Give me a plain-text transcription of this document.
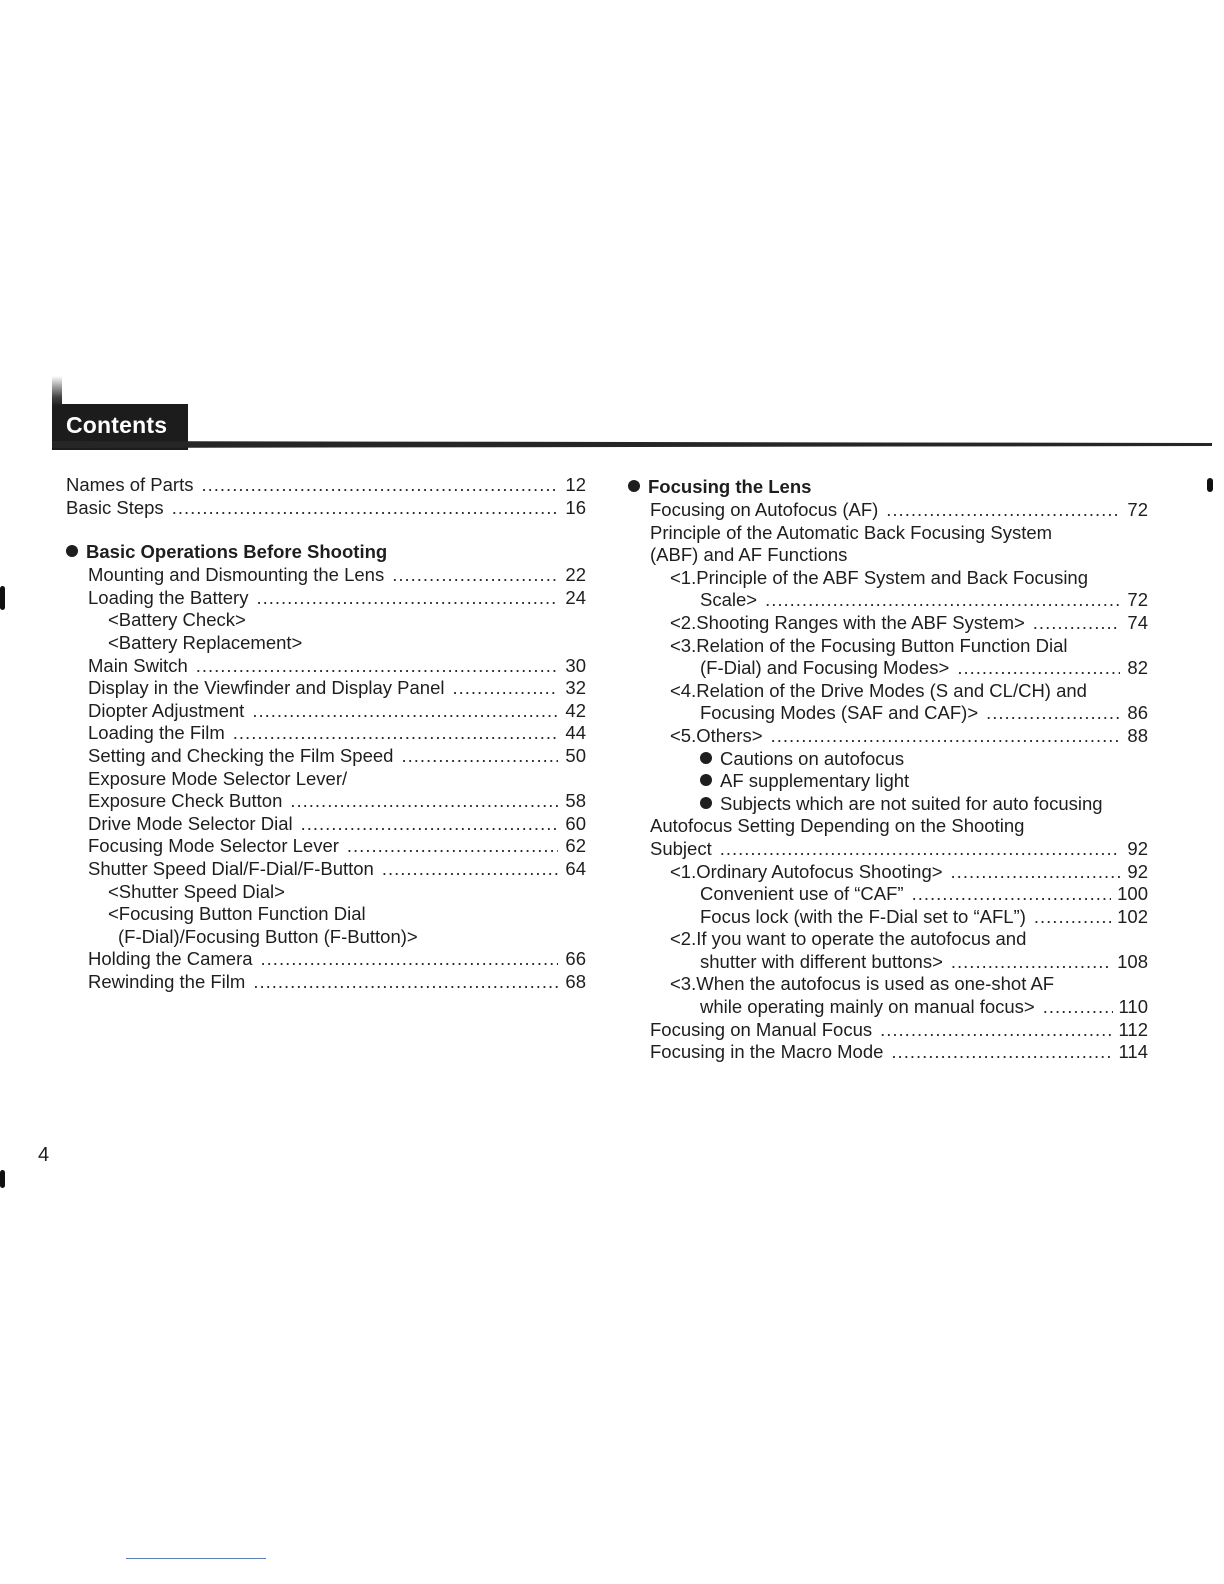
Contents
Names of Parts .....	12
Basic Steps .....	16
Basic Operations Before Shooting
Mounting and Dismounting the Lens .....	22
Loading the Battery .....	24
<Battery Check>
<Battery Replacement>
Main Switch .....	30
Display in the Viewfinder and Display Panel .....	32
Diopter Adjustment .....	42
Loading the Film .....	44
Setting and Checking the Film Speed .....	50
Exposure Mode Selector Lever/
Exposure Check Button .....	58
Drive Mode Selector Dial .....	60
Focusing Mode Selector Lever .....	62
Shutter Speed Dial/F-Dial/F-Button .....	64
<Shutter Speed Dial>
<Focusing Button Function Dial
(F-Dial)/Focusing Button (F-Button)>
Holding the Camera .....	66
Rewinding the Film .....	68
Focusing the Lens
Focusing on Autofocus (AF) .....	72
Principle of the Automatic Back Focusing System
(ABF) and AF Functions
<1.Principle of the ABF System and Back Focusing
Scale> .....	72
<2.Shooting Ranges with the ABF System> .....	74
<3.Relation of the Focusing Button Function Dial
(F-Dial) and Focusing Modes> .....	82
<4.Relation of the Drive Modes (S and CL/CH) and
Focusing Modes (SAF and CAF)> .....	86
<5.Others> .....	88
Cautions on autofocus
AF supplementary light
Subjects which are not suited for auto focusing
Autofocus Setting Depending on the Shooting
Subject .....	92
<1.Ordinary Autofocus Shooting> .....	92
Convenient use of “CAF” .....	100
Focus lock (with the F-Dial set to “AFL”) .....	102
<2.If you want to operate the autofocus and
shutter with different buttons> .....	108
<3.When the autofocus is used as one-shot AF
while operating mainly on manual focus> .....	110
Focusing on Manual Focus .....	112
Focusing in the Macro Mode .....	114
4
